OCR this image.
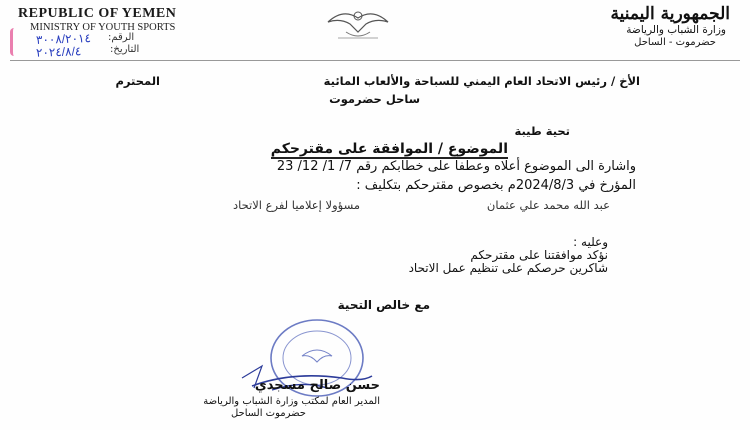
REPUBLIC OF YEMEN
MINISTRY OF YOUTH SPORTS
٣٠٠٨/٢٠١٤
٢٠٢٤/٨/٤
الرقم:
التاريخ:
الجمهورية اليمنية
وزارة الشباب والرياضة
حضرموت - الساحل
الأخ / رئيس الاتحاد العام اليمني للسباحة والألعاب المائية
المحترم
ساحل حضرموت
تحية طيبة
الموضوع / الموافقة على مقترحكم
واشارة الى الموضوع أعلاه وعطفا على خطابكم رقم 7/ 1/ 12/ 23
المؤرخ في 2024/8/3م بخصوص مقترحكم بتكليف :
عبد الله محمد علي عثمان
مسؤولا إعلاميا لفرع الاتحاد
وعليه :
نؤكد موافقتنا على مقترحكم
شاكرين حرصكم على تنظيم عمل الاتحاد
مع خالص التحية
حسن صالح مسجدي
المدير العام لمكتب وزارة الشباب والرياضة
حضرموت الساحل
